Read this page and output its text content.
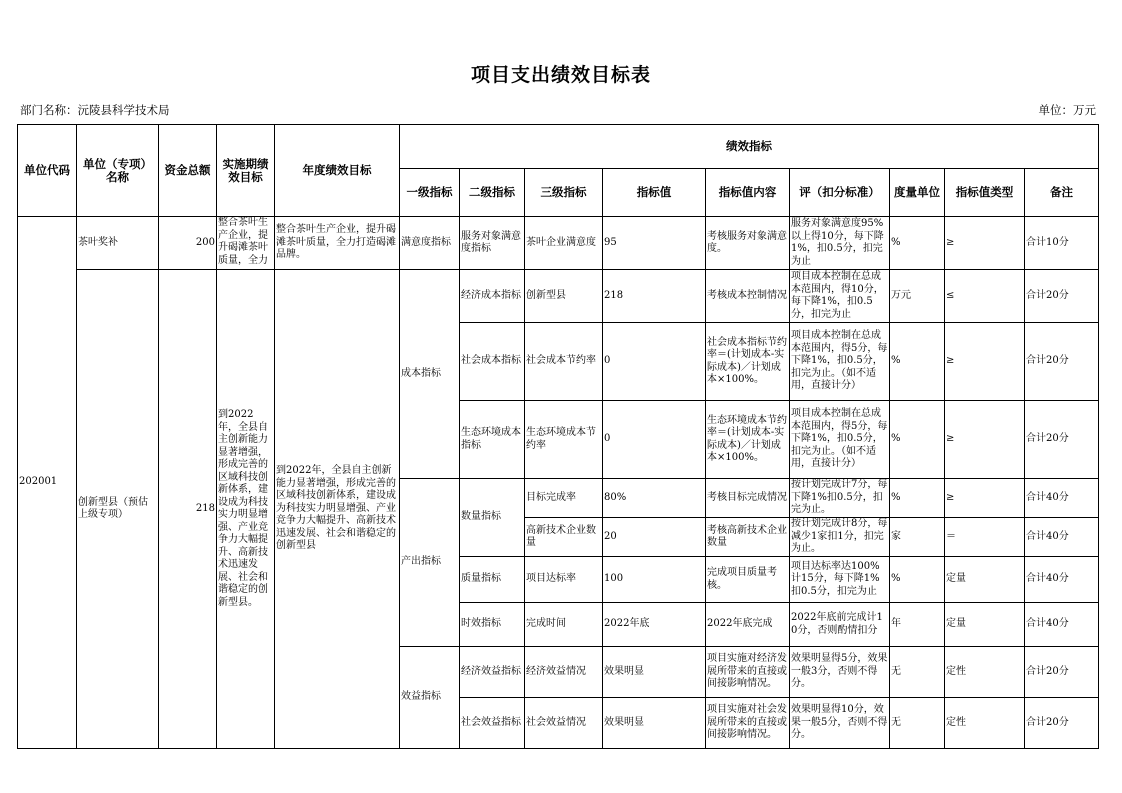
项目支出绩效目标表
部门名称：沅陵县科学技术局	单位：万元
单位代码	单位（专项）名称	资金总额	实施期绩效目标	年度绩效目标	绩效指标								
					一级指标	二级指标	三级指标	指标值	指标值内容	评（扣分标准）	度量单位	指标值类型	备注
202001	茶叶奖补	200	整合茶叶生产企业，提升碣滩茶叶质量，全力	整合茶叶生产企业，提升碣滩茶叶质量，全力打造碣滩品牌。	满意度指标	服务对象满意度指标	茶叶企业满意度	95	考核服务对象满意度。	服务对象满意度95%以上得10分，每下降1%，扣0.5分，扣完为止	%	≥	合计10分
	创新型县（预估上级专项）	218	到2022年，全县自主创新能力显著增强，形成完善的区域科技创新体系，建设成为科技实力明显增强、产业竞争力大幅提升、高新技术迅速发展、社会和谐稳定的创新型县。	到2022年，全县自主创新能力显著增强，形成完善的区域科技创新体系，建设成为科技实力明显增强、产业竞争力大幅提升、高新技术迅速发展、社会和谐稳定的创新型县	成本指标	经济成本指标	创新型县	218	考核成本控制情况	项目成本控制在总成本范围内，得10分，每下降1%，扣0.5分，扣完为止	万元	≤	合计20分
						社会成本指标	社会成本节约率	0	社会成本指标节约率＝(计划成本-实际成本)／计划成本×100%。	项目成本控制在总成本范围内，得5分，每下降1%，扣0.5分，扣完为止。（如不适用，直接计分）	%	≥	合计20分
						生态环境成本指标	生态环境成本节约率	0	生态环境成本节约率＝(计划成本-实际成本)／计划成本×100%。	项目成本控制在总成本范围内，得5分，每下降1%，扣0.5分，扣完为止。（如不适用，直接计分）	%	≥	合计20分
					产出指标	数量指标	目标完成率	80%	考核目标完成情况	按计划完成计7分，每下降1%扣0.5分，扣完为止。	%	≥	合计40分
							高新技术企业数量	20	考核高新技术企业数量	按计划完成计8分，每减少1家扣1分，扣完为止。	家	＝	合计40分
						质量指标	项目达标率	100	完成项目质量考核。	项目达标率达100%计15分，每下降1%扣0.5分，扣完为止	%	定量	合计40分
						时效指标	完成时间	2022年底	2022年底完成	2022年底前完成计10分，否则酌情扣分	年	定量	合计40分
					效益指标	经济效益指标	经济效益情况	效果明显	项目实施对经济发展所带来的直接或间接影响情况。	效果明显得5分，效果一般3分，否则不得分。	无	定性	合计20分
						社会效益指标	社会效益情况	效果明显	项目实施对社会发展所带来的直接或间接影响情况。	效果明显得10分，效果一般5分，否则不得分。	无	定性	合计20分
